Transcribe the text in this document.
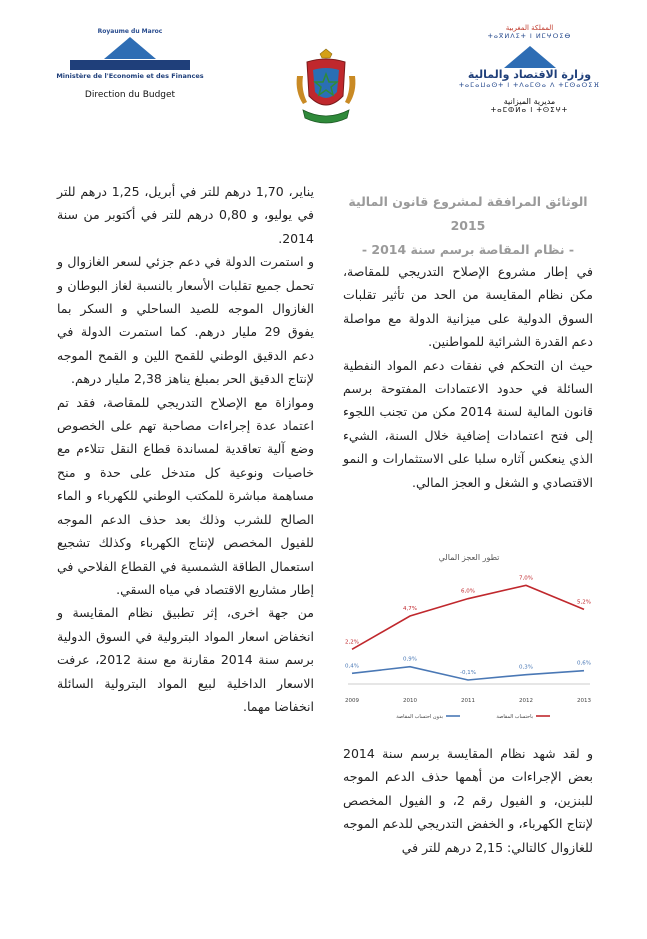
Royaume du Maroc
Ministère de l'Economie et des Finances
Direction du Budget
المملكة المغربية
ⵜⴰⴳⵍⴷⵉⵜ ⵏ ⵍⵎⵖⵔⵉⴱ
وزارة الاقتصاد والمالية
ⵜⴰⵎⴰⵡⴰⵙⵜ ⵏ ⵜⴷⴰⵎⵙⴰ ⴷ ⵜⵎⵙⴰⵔⵉⴼ
مديرية الميزانية
ⵜⴰⵎⵀⵍⴰ ⵏ ⵜⵙⵉⵖⵜ
الوثائق المرافقة لمشروع قانون المالية 2015
- نظام المقاصة برسم سنة 2014 -

في إطار مشروع الإصلاح التدريجي للمقاصة، مكن نظام المقايسة من الحد من تأثير تقلبات السوق الدولية على ميزانية الدولة مع مواصلة دعم القدرة الشرائية للمواطنين.

حيث ان التحكم في نفقات دعم المواد النفطية السائلة في حدود الاعتمادات المفتوحة برسم قانون المالية لسنة 2014 مكن من تجنب اللجوء إلى فتح اعتمادات إضافية خلال السنة، الشيء الذي ينعكس آثاره سلبا على الاستثمارات و النمو الاقتصادي و الشغل و العجز المالي.

تطور العجز المالي
2009	2010	2011	2012	2013
2,2%
4,7%
6,0%
7,0%
5,2%
0,4%
0,9%
-0,1%
0,3%
0,6%
باحتساب المقاصة
بدون احتساب المقاصة

و لقد شهد نظام المقايسة برسم سنة 2014 بعض الإجراءات من أهمها حذف الدعم الموجه للبنزين، و الفيول رقم 2، و الفيول المخصص لإنتاج الكهرباء، و الخفض التدريجي للدعم الموجه للغازوال كالتالي: 2,15 درهم للتر في

يناير، 1,70 درهم للتر في أبريل، 1,25 درهم للتر في يوليو، و 0,80 درهم للتر في أكتوبر من سنة 2014.

و استمرت الدولة في دعم جزئي لسعر الغازوال و تحمل جميع تقلبات الأسعار بالنسبة لغاز البوطان و الغازوال الموجه للصيد الساحلي و السكر بما يفوق 29 مليار درهم. كما استمرت الدولة في دعم الدقيق الوطني للقمح اللين و القمح الموجه لإنتاج الدقيق الحر بمبلغ يناهز 2,38 مليار درهم.

وموازاة مع الإصلاح التدريجي للمقاصة، فقد تم اعتماد عدة إجراءات مصاحبة تهم على الخصوص وضع آلية تعاقدية لمساندة قطاع النقل تتلاءم مع خاصيات ونوعية كل متدخل على حدة و منح مساهمة مباشرة للمكتب الوطني للكهرباء و الماء الصالح للشرب وذلك بعد حذف الدعم الموجه للفيول المخصص لإنتاج الكهرباء وكذلك تشجيع استعمال الطاقة الشمسية في القطاع الفلاحي في إطار مشاريع الاقتصاد في مياه السقي.

من جهة اخرى، إثر تطبيق نظام المقايسة و انخفاض اسعار المواد البترولية في السوق الدولية برسم سنة 2014 مقارنة مع سنة 2012، عرفت الاسعار الداخلية لبيع المواد البترولية السائلة انخفاضا مهما.
